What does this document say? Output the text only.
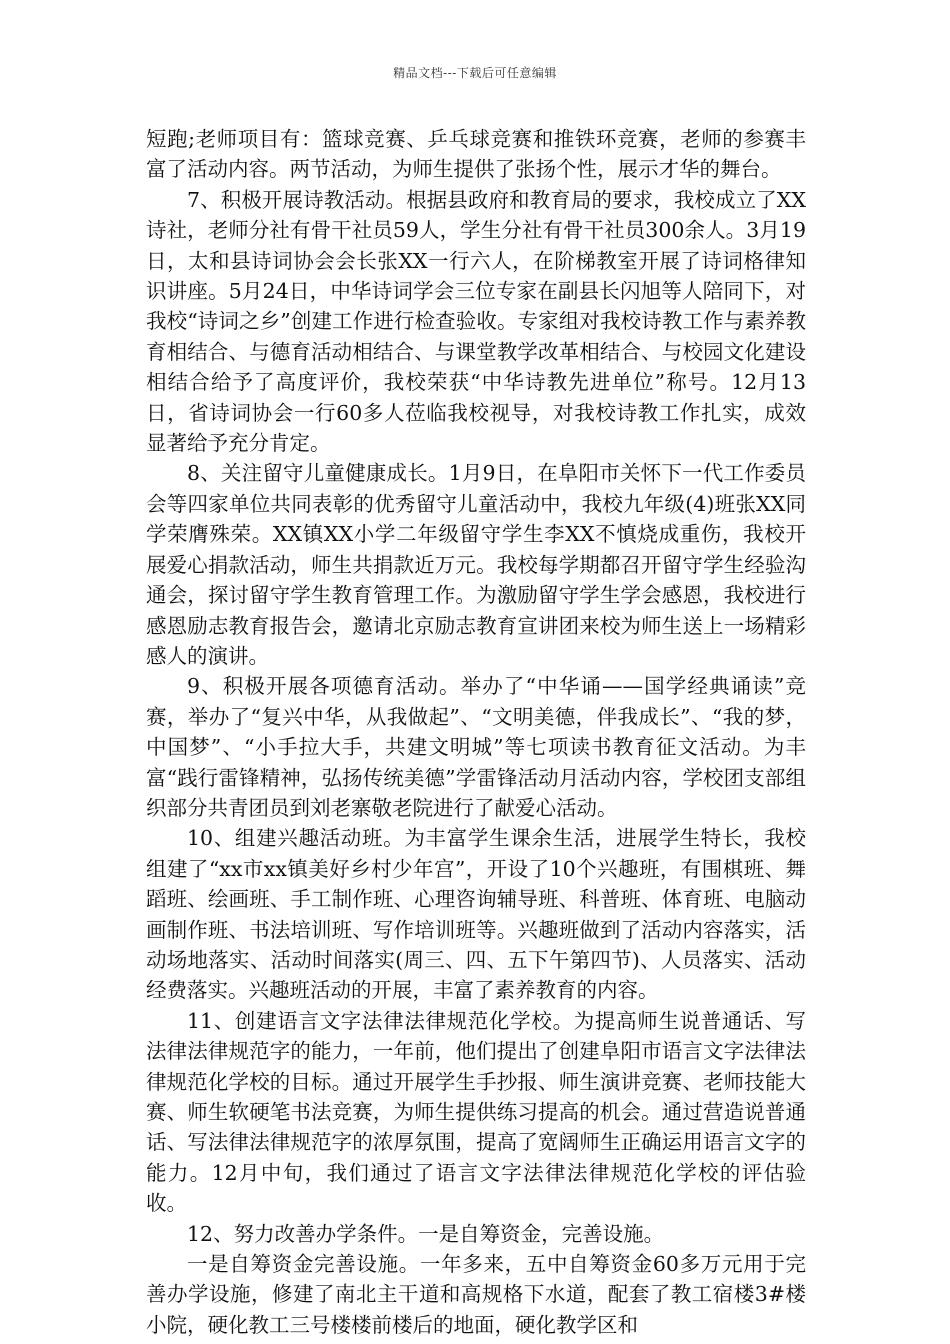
精品文档---下载后可任意编辑

短跑;老师项目有：篮球竞赛、乒乓球竞赛和推铁环竞赛，老师的参赛丰富了活动内容。两节活动，为师生提供了张扬个性，展示才华的舞台。

7、积极开展诗教活动。根据县政府和教育局的要求，我校成立了XX诗社，老师分社有骨干社员59人，学生分社有骨干社员300余人。3月19日，太和县诗词协会会长张XX一行六人，在阶梯教室开展了诗词格律知识讲座。5月24日，中华诗词学会三位专家在副县长闪旭等人陪同下，对我校“诗词之乡”创建工作进行检查验收。专家组对我校诗教工作与素养教育相结合、与德育活动相结合、与课堂教学改革相结合、与校园文化建设相结合给予了高度评价，我校荣获“中华诗教先进单位”称号。12月13日，省诗词协会一行60多人莅临我校视导，对我校诗教工作扎实，成效显著给予充分肯定。

8、关注留守儿童健康成长。1月9日，在阜阳市关怀下一代工作委员会等四家单位共同表彰的优秀留守儿童活动中，我校九年级(4)班张XX同学荣膺殊荣。XX镇XX小学二年级留守学生李XX不慎烧成重伤，我校开展爱心捐款活动，师生共捐款近万元。我校每学期都召开留守学生经验沟通会，探讨留守学生教育管理工作。为激励留守学生学会感恩，我校进行感恩励志教育报告会，邀请北京励志教育宣讲团来校为师生送上一场精彩感人的演讲。

9、积极开展各项德育活动。举办了“中华诵——国学经典诵读”竞赛，举办了“复兴中华，从我做起”、“文明美德，伴我成长”、“我的梦，中国梦”、“小手拉大手，共建文明城”等七项读书教育征文活动。为丰富“践行雷锋精神，弘扬传统美德”学雷锋活动月活动内容，学校团支部组织部分共青团员到刘老寨敬老院进行了献爱心活动。

10、组建兴趣活动班。为丰富学生课余生活，进展学生特长，我校组建了“xx市xx镇美好乡村少年宫”，开设了10个兴趣班，有围棋班、舞蹈班、绘画班、手工制作班、心理咨询辅导班、科普班、体育班、电脑动画制作班、书法培训班、写作培训班等。兴趣班做到了活动内容落实，活动场地落实、活动时间落实(周三、四、五下午第四节)、人员落实、活动经费落实。兴趣班活动的开展，丰富了素养教育的内容。

11、创建语言文字法律法律规范化学校。为提高师生说普通话、写法律法律规范字的能力，一年前，他们提出了创建阜阳市语言文字法律法律规范化学校的目标。通过开展学生手抄报、师生演讲竞赛、老师技能大赛、师生软硬笔书法竞赛，为师生提供练习提高的机会。通过营造说普通话、写法律法律规范字的浓厚氛围，提高了宽阔师生正确运用语言文字的能力。12月中旬，我们通过了语言文字法律法律规范化学校的评估验收。

12、努力改善办学条件。一是自筹资金，完善设施。

一是自筹资金完善设施。一年多来，五中自筹资金60多万元用于完善办学设施，修建了南北主干道和高规格下水道，配套了教工宿楼3#楼小院，硬化教工三号楼楼前楼后的地面，硬化教学区和
